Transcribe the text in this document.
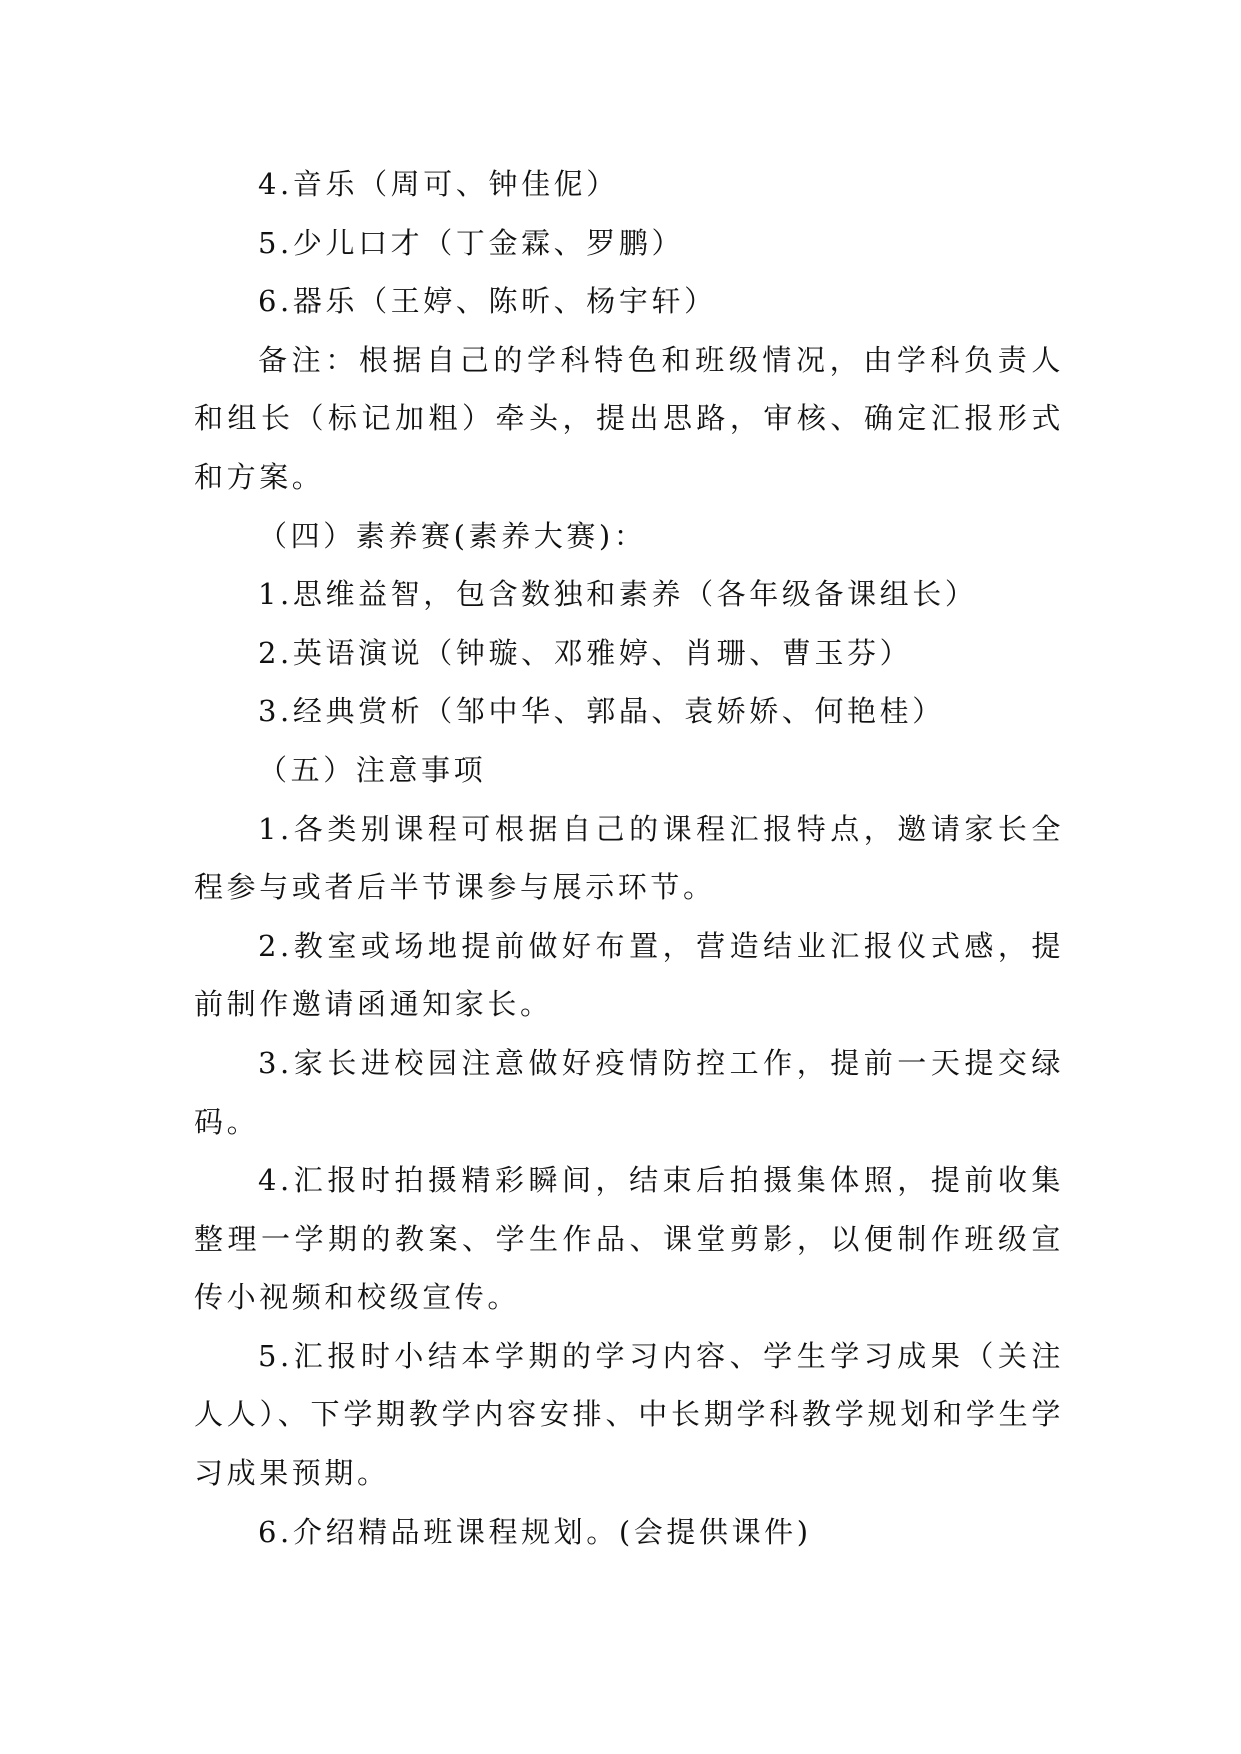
4.音乐（周可、钟佳伲）

5.少儿口才（丁金霖、罗鹏）

6.器乐（王婷、陈昕、杨宇轩）

备注：根据自己的学科特色和班级情况，由学科负责人和组长（标记加粗）牵头，提出思路，审核、确定汇报形式和方案。

（四）素养赛(素养大赛)：

1.思维益智，包含数独和素养（各年级备课组长）

2.英语演说（钟璇、邓雅婷、肖珊、曹玉芬）

3.经典赏析（邹中华、郭晶、袁娇娇、何艳桂）

（五）注意事项

1.各类别课程可根据自己的课程汇报特点，邀请家长全程参与或者后半节课参与展示环节。

2.教室或场地提前做好布置，营造结业汇报仪式感，提前制作邀请函通知家长。

3.家长进校园注意做好疫情防控工作，提前一天提交绿码。

4.汇报时拍摄精彩瞬间，结束后拍摄集体照，提前收集整理一学期的教案、学生作品、课堂剪影，以便制作班级宣传小视频和校级宣传。

5.汇报时小结本学期的学习内容、学生学习成果（关注人人）、下学期教学内容安排、中长期学科教学规划和学生学习成果预期。

6.介绍精品班课程规划。(会提供课件)
